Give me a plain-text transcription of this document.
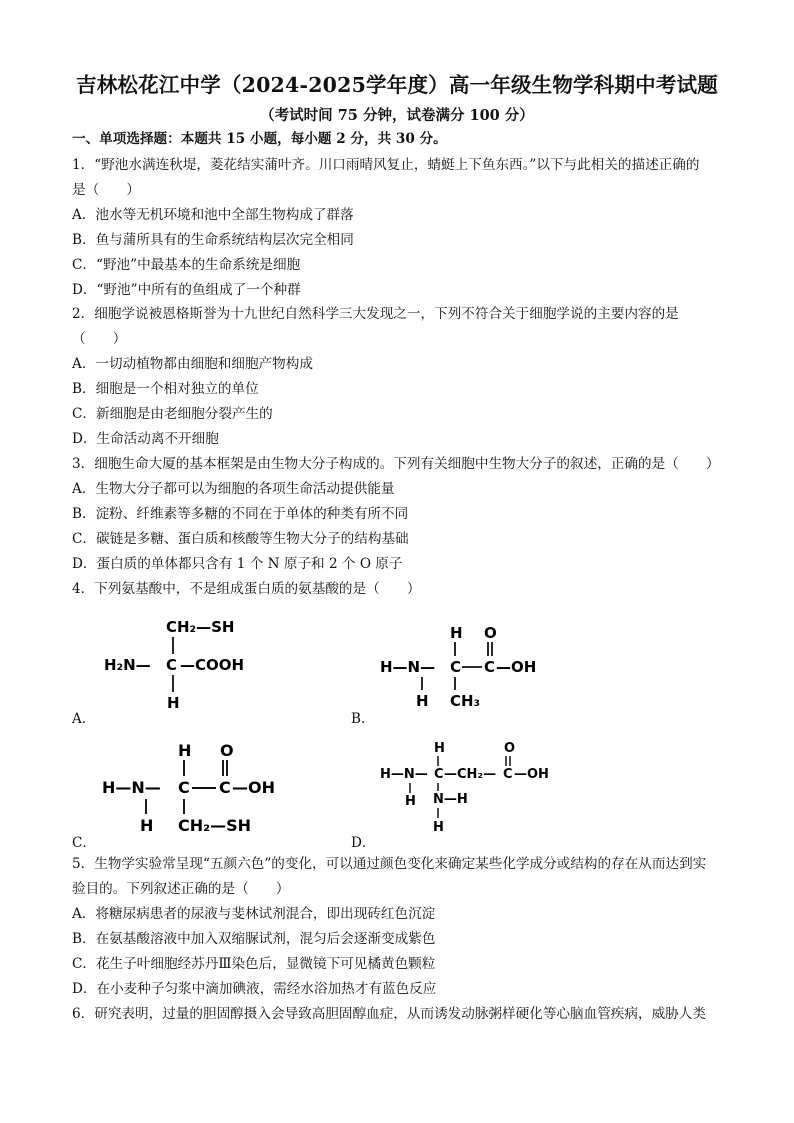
吉林松花江中学（2024-2025学年度）高一年级生物学科期中考试题
（考试时间 75 分钟，试卷满分 100 分）
一、单项选择题：本题共 15 小题，每小题 2 分，共 30 分。
1．“野池水满连秋堤，菱花结实蒲叶齐。川口雨晴风复止，蜻蜓上下鱼东西。”以下与此相关的描述正确的
是（　　）
A．池水等无机环境和池中全部生物构成了群落
B．鱼与蒲所具有的生命系统结构层次完全相同
C．“野池”中最基本的生命系统是细胞
D．“野池”中所有的鱼组成了一个种群
2．细胞学说被恩格斯誉为十九世纪自然科学三大发现之一，下列不符合关于细胞学说的主要内容的是
（　　）
A．一切动植物都由细胞和细胞产物构成
B．细胞是一个相对独立的单位
C．新细胞是由老细胞分裂产生的
D．生命活动离不开细胞
3．细胞生命大厦的基本框架是由生物大分子构成的。下列有关细胞中生物大分子的叙述，正确的是（　　）
A．生物大分子都可以为细胞的各项生命活动提供能量
B．淀粉、纤维素等多糖的不同在于单体的种类有所不同
C．碳链是多糖、蛋白质和核酸等生物大分子的结构基础
D．蛋白质的单体都只含有 1 个 N 原子和 2 个 O 原子
4．下列氨基酸中，不是组成蛋白质的氨基酸的是（　　）
CH₂—SH
H₂N— C —COOH
H
A．
H O
H—N— C C —OH
H CH₃
B．
H O
H—N— C C —OH
H CH₂—SH
C．
H	O
H—N— C —CH₂— C —OH
H N—H
H
D．
5．生物学实验常呈现“五颜六色”的变化，可以通过颜色变化来确定某些化学成分或结构的存在从而达到实
验目的。下列叙述正确的是（　　）
A．将糖尿病患者的尿液与斐林试剂混合，即出现砖红色沉淀
B．在氨基酸溶液中加入双缩脲试剂，混匀后会逐渐变成紫色
C．花生子叶细胞经苏丹Ⅲ染色后，显微镜下可见橘黄色颗粒
D．在小麦种子匀浆中滴加碘液，需经水浴加热才有蓝色反应
6．研究表明，过量的胆固醇摄入会导致高胆固醇血症，从而诱发动脉粥样硬化等心脑血管疾病，威胁人类
